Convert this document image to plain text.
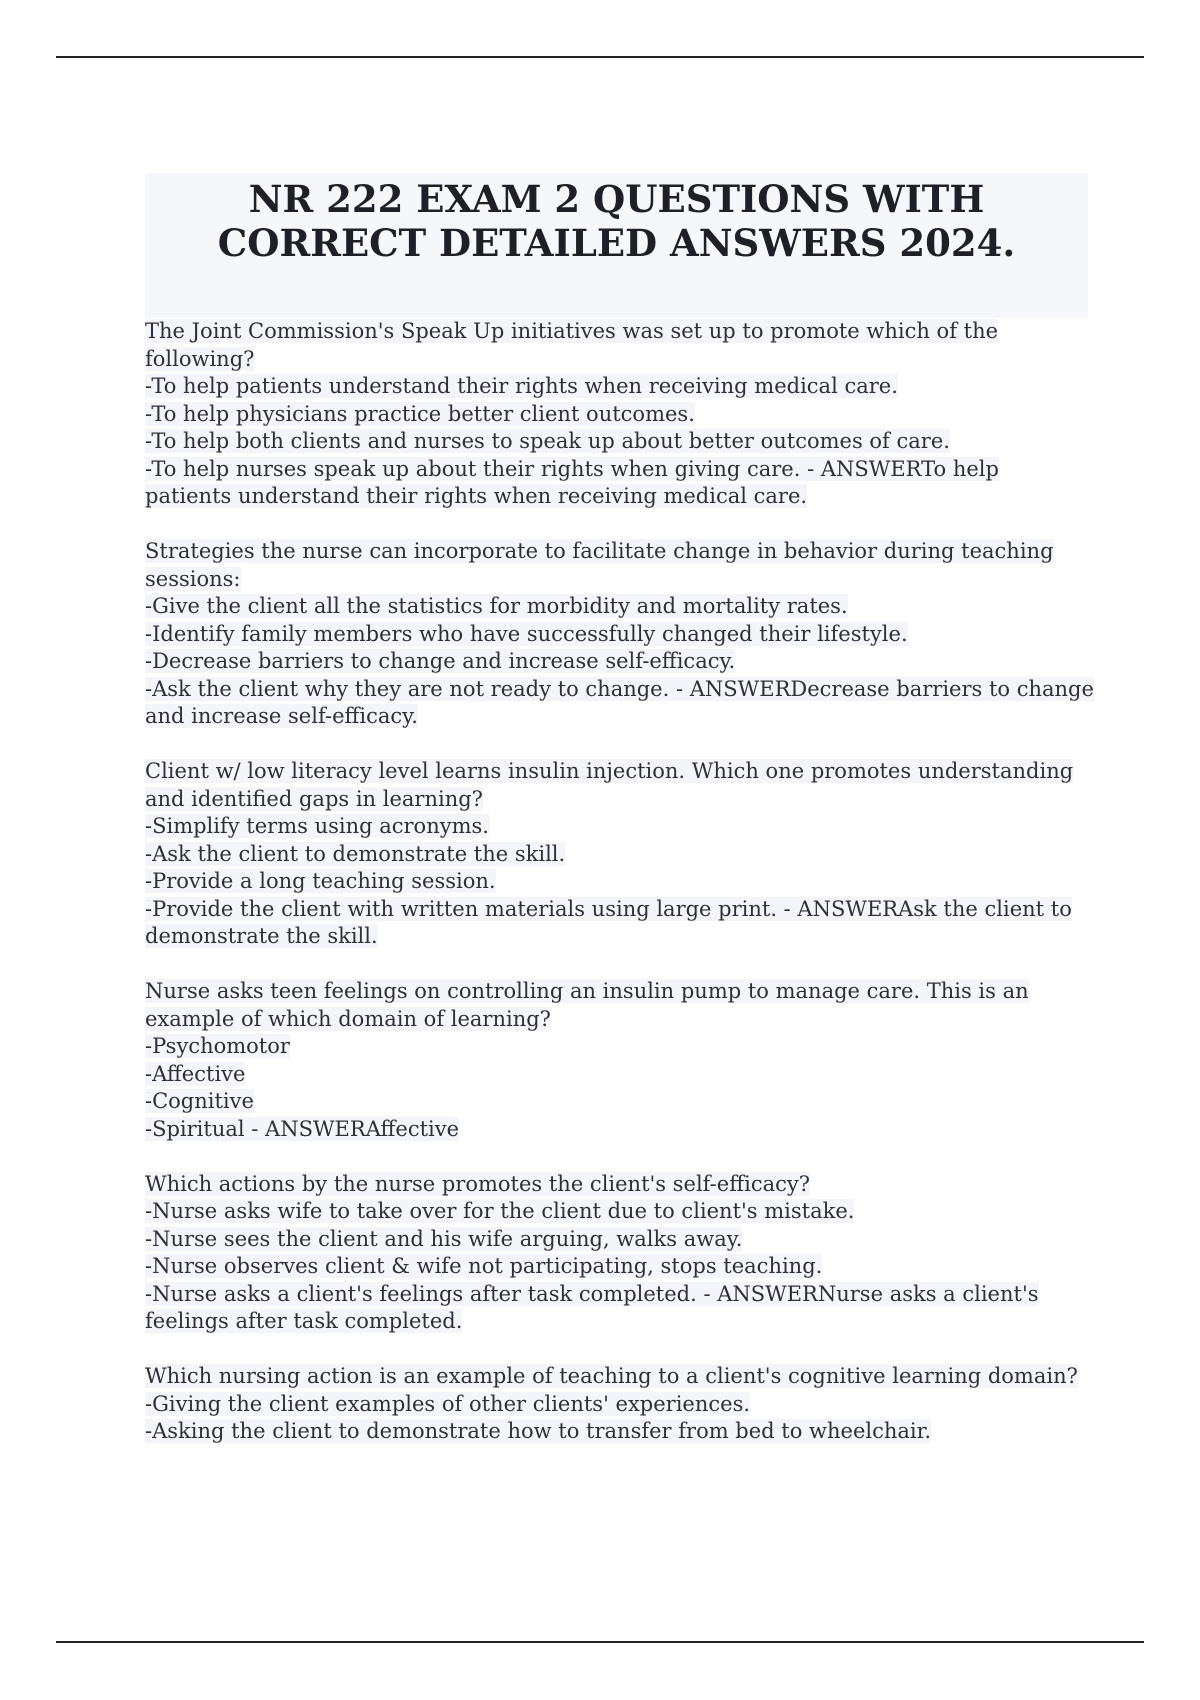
NR 222 EXAM 2 QUESTIONS WITH
CORRECT DETAILED ANSWERS 2024.
The Joint Commission's Speak Up initiatives was set up to promote which of the
following?
-To help patients understand their rights when receiving medical care.
-To help physicians practice better client outcomes.
-To help both clients and nurses to speak up about better outcomes of care.
-To help nurses speak up about their rights when giving care. - ANSWERTo help
patients understand their rights when receiving medical care.
Strategies the nurse can incorporate to facilitate change in behavior during teaching
sessions:
-Give the client all the statistics for morbidity and mortality rates.
-Identify family members who have successfully changed their lifestyle.
-Decrease barriers to change and increase self-efficacy.
-Ask the client why they are not ready to change. - ANSWERDecrease barriers to change
and increase self-efficacy.
Client w/ low literacy level learns insulin injection. Which one promotes understanding
and identified gaps in learning?
-Simplify terms using acronyms.
-Ask the client to demonstrate the skill.
-Provide a long teaching session.
-Provide the client with written materials using large print. - ANSWERAsk the client to
demonstrate the skill.
Nurse asks teen feelings on controlling an insulin pump to manage care. This is an
example of which domain of learning?
-Psychomotor
-Affective
-Cognitive
-Spiritual - ANSWERAffective
Which actions by the nurse promotes the client's self-efficacy?
-Nurse asks wife to take over for the client due to client's mistake.
-Nurse sees the client and his wife arguing, walks away.
-Nurse observes client & wife not participating, stops teaching.
-Nurse asks a client's feelings after task completed. - ANSWERNurse asks a client's
feelings after task completed.
Which nursing action is an example of teaching to a client's cognitive learning domain?
-Giving the client examples of other clients' experiences.
-Asking the client to demonstrate how to transfer from bed to wheelchair.
